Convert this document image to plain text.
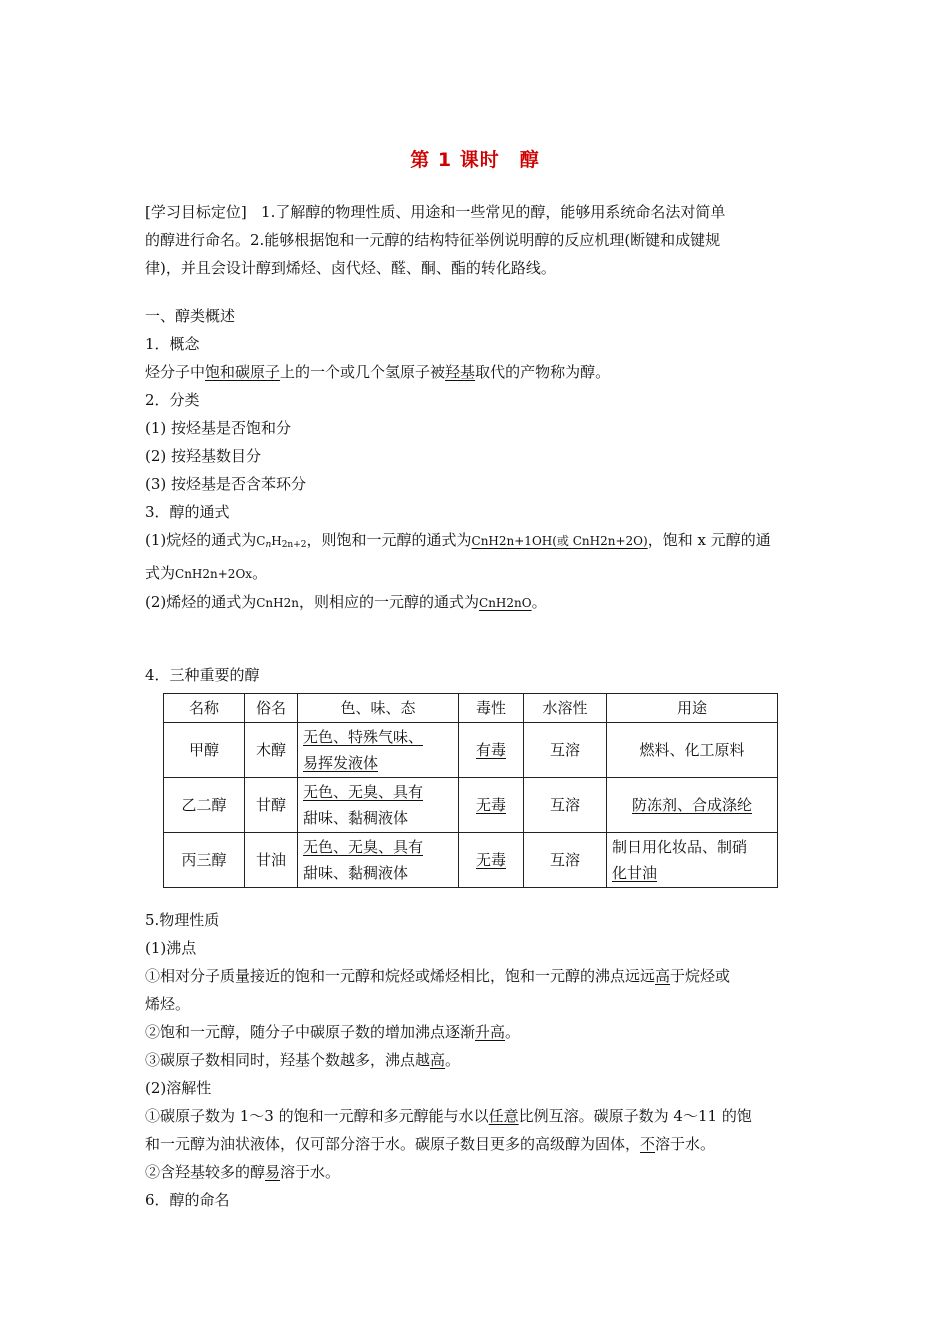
第 1 课时　醇

[学习目标定位] 1.了解醇的物理性质、用途和一些常见的醇，能够用系统命名法对简单
的醇进行命名。2.能够根据饱和一元醇的结构特征举例说明醇的反应机理(断键和成键规
律)，并且会设计醇到烯烃、卤代烃、醛、酮、酯的转化路线。

一、醇类概述

1．概念

烃分子中饱和碳原子上的一个或几个氢原子被羟基取代的产物称为醇。

2．分类

(1) 按烃基是否饱和分

(2) 按羟基数目分

(3) 按烃基是否含苯环分

3．醇的通式

(1)烷烃的通式为$C_nH_{2n+2}$，则饱和一元醇的通式为CnH2n+1OH(或 CnH2n+2O)，饱和 x 元醇的通

式为CnH2n+2Ox。

(2)烯烃的通式为CnH2n，则相应的一元醇的通式为CnH2nO。

4．三种重要的醇

名称	俗名	色、味、态	毒性	水溶性	用途
甲醇	木醇	无色、特殊气味、
易挥发液体	有毒	互溶	燃料、化工原料
乙二醇	甘醇	无色、无臭、具有
甜味、黏稠液体	无毒	互溶	防冻剂、合成涤纶
丙三醇	甘油	无色、无臭、具有
甜味、黏稠液体	无毒	互溶	制日用化妆品、制硝
化甘油

5.物理性质

(1)沸点

①相对分子质量接近的饱和一元醇和烷烃或烯烃相比，饱和一元醇的沸点远远高于烷烃或
烯烃。

②饱和一元醇，随分子中碳原子数的增加沸点逐渐升高。

③碳原子数相同时，羟基个数越多，沸点越高。

(2)溶解性

①碳原子数为 1～3 的饱和一元醇和多元醇能与水以任意比例互溶。碳原子数为 4～11 的饱
和一元醇为油状液体，仅可部分溶于水。碳原子数目更多的高级醇为固体，不溶于水。

②含羟基较多的醇易溶于水。

6．醇的命名
